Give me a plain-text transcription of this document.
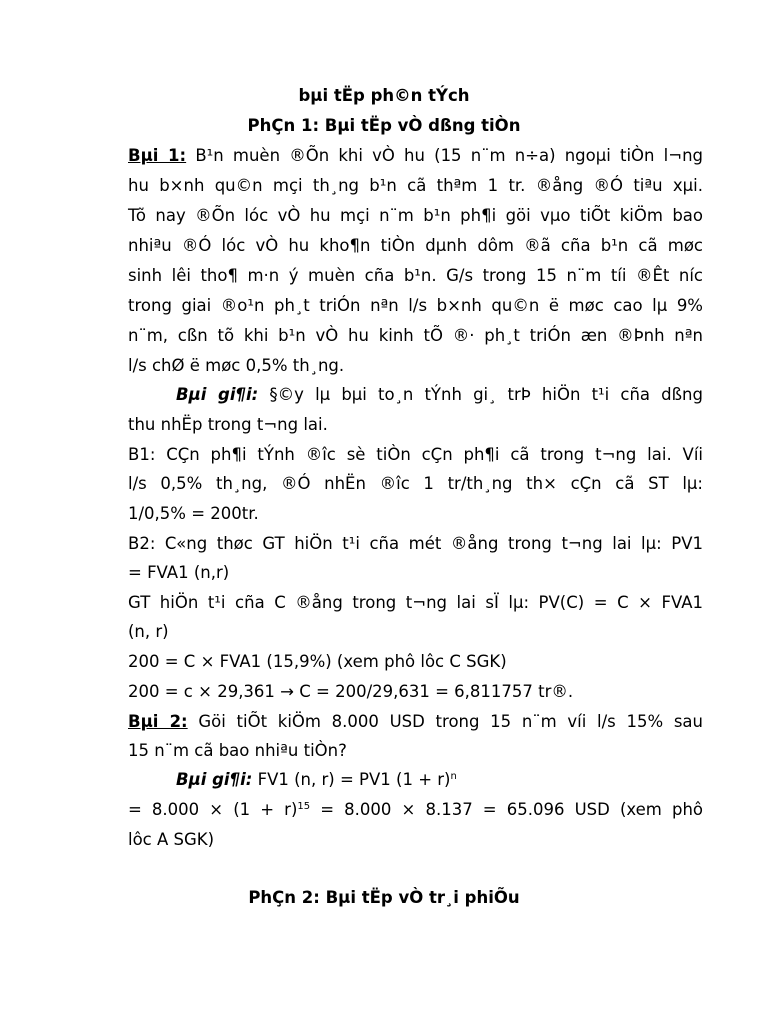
bµi tËp ph©n tÝch
PhÇn 1: Bµi tËp vÒ dßng tiÒn
Bµi 1: B¹n muèn ®Õn khi vÒ hu (15 n¨m n÷a) ngoµi tiÒn l¬ng
hu b×nh qu©n mçi th¸ng b¹n cã thªm 1 tr. ®ång ®Ó tiªu xµi.
Tõ nay ®Õn lóc vÒ hu mçi n¨m b¹n ph¶i göi vµo tiÕt kiÖm bao
nhiªu ®Ó lóc vÒ hu kho¶n tiÒn dµnh dôm ®ã cña b¹n cã møc
sinh lêi tho¶ m·n ý muèn cña b¹n. G/s trong 15 n¨m tíi ®Êt níc
trong giai ®o¹n ph¸t triÓn nªn l/s b×nh qu©n ë møc cao lµ 9%
n¨m, cßn tõ khi b¹n vÒ hu kinh tÕ ®· ph¸t triÓn æn ®Þnh nªn
l/s chØ ë møc 0,5% th¸ng.
Bµi gi¶i: §©y lµ bµi to¸n tÝnh gi¸ trÞ hiÖn t¹i cña dßng
thu nhËp trong t¬ng lai.
B1: CÇn ph¶i tÝnh ®îc sè tiÒn cÇn ph¶i cã trong t¬ng lai. Víi
l/s 0,5% th¸ng, ®Ó nhËn ®îc 1 tr/th¸ng th× cÇn cã ST lµ:
1/0,5% = 200tr.
B2: C«ng thøc GT hiÖn t¹i cña mét ®ång trong t¬ng lai lµ: PV1
= FVA1 (n,r)
GT hiÖn t¹i cña C ®ång trong t¬ng lai sÏ lµ: PV(C) = C × FVA1
(n, r)
200 = C × FVA1 (15,9%) (xem phô lôc C SGK)
200 = c × 29,361 → C = 200/29,631 = 6,811757 tr®.
Bµi 2: Göi tiÕt kiÖm 8.000 USD trong 15 n¨m víi l/s 15% sau
15 n¨m cã bao nhiªu tiÒn?
Bµi gi¶i: FV1 (n, r) = PV1 $(1 + r)^n$
= $8.000 \times (1 + r)^{15} = 8.000 \times 8.137 = 65.096$ USD (xem phô
lôc A SGK)
PhÇn 2: Bµi tËp vÒ tr¸i phiÕu
